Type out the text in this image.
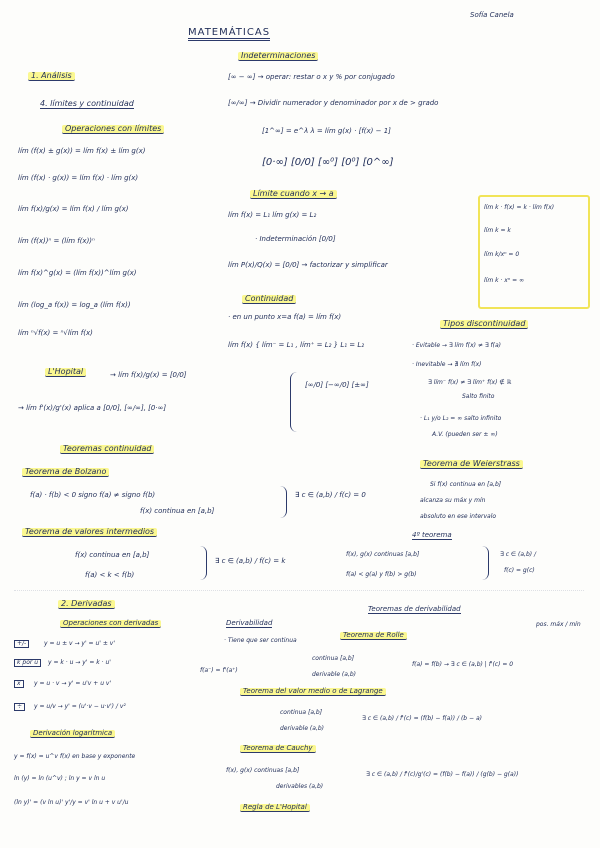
Sofía Canela
MATEMÁTICAS
1. Análisis
4. límites y continuidad
Operaciones con límites
lím (f(x) ± g(x)) = lím f(x) ± lím g(x)
lím (f(x) · g(x)) = lím f(x) · lím g(x)
lím f(x)/g(x) = lím f(x) / lím g(x)
lím (f(x))ⁿ = (lím f(x))ⁿ
lím f(x)^g(x) = (lím f(x))^lím g(x)
lím (log_a f(x)) = log_a (lím f(x))
lím ⁿ√f(x) = ⁿ√lím f(x)
L'Hopital	→ lím f(x)/g(x) = [0/0]
→ lím f'(x)/g'(x) aplica a [0/0], [∞/∞], [0·∞]
Teoremas continuidad
Teorema de Bolzano
f(a) · f(b) < 0 signo f(a) ≠ signo f(b)
f(x) continua en [a,b]
∃ c ∈ (a,b) / f(c) = 0
Teorema de valores intermedios
f(x) continua en [a,b]
f(a) < k < f(b)
∃ c ∈ (a,b) / f(c) = k
Indeterminaciones
[∞ − ∞] → operar: restar o x y % por conjugado
[∞/∞] → Dividir numerador y denominador por x de > grado
[1^∞] = e^λ λ = lím g(x) · [f(x) − 1]
[0·∞] [0/0] [∞⁰] [0⁰] [0^∞]
Límite cuando x → a
lím f(x) = L₁ lím g(x) = L₂
· Indeterminación [0/0]
lím P(x)/Q(x) = [0/0] → factorizar y simplificar
lím k · f(x) = k · lím f(x)
lím k = k
lím k/xⁿ = 0
lím k · xⁿ = ∞
Continuidad
· en un punto x=a f(a) = lím f(x)
lím f(x) { lím⁻ = L₁ , lím⁺ = L₂ } L₁ = L₂
[∞/0] [−∞/0] [±∞]
Tipos discontinuidad
· Evitable → ∃ lím f(x) ≠ ∃ f(a)
· Inevitable → ∄ lím f(x)
∃ lím⁻ f(x) ≠ ∃ lím⁺ f(x) ∉ ℝ
Salto finito
· L₁ y/o L₂ = ∞ salto infinito
A.V. (pueden ser ± ∞)
Teorema de Weierstrass
Si f(x) continua en [a,b]
alcanza su máx y mín
absoluto en ese intervalo
4º teorema
f(x), g(x) continuas [a,b]
f(a) < g(a) y f(b) > g(b)
∃ c ∈ (a,b) /
f(c) = g(c)
2. Derivadas
Operaciones con derivadas
+/-	y = u ± v → y' = u' ± v'
k por u	y = k · u → y' = k · u'
x	y = u · v → y' = u'v + u v'
÷	y = u/v → y' = (u'·v − u·v') / v²
Derivación logarítmica
y = f(x) = u^v f(x) en base y exponente
ln (y) = ln (u^v) ; ln y = v ln u
(ln y)' = (v ln u)' y'/y = v' ln u + v u'/u
Derivabilidad
· Tiene que ser continua
f(a⁻) = f'(a⁺)
Teoremas de derivabilidad
Teorema de Rolle
pos. máx / mín
continua [a,b]
derivable (a,b)
f(a) = f(b) → ∃ c ∈ (a,b) | f'(c) = 0
Teorema del valor medio o de Lagrange
continua [a,b]
derivable (a,b)
∃ c ∈ (a,b) / f'(c) = (f(b) − f(a)) / (b − a)
Teorema de Cauchy
f(x), g(x) continuas [a,b]
derivables (a,b)
∃ c ∈ (a,b) / f'(c)/g'(c) = (f(b) − f(a)) / (g(b) − g(a))
Regla de L'Hopital
